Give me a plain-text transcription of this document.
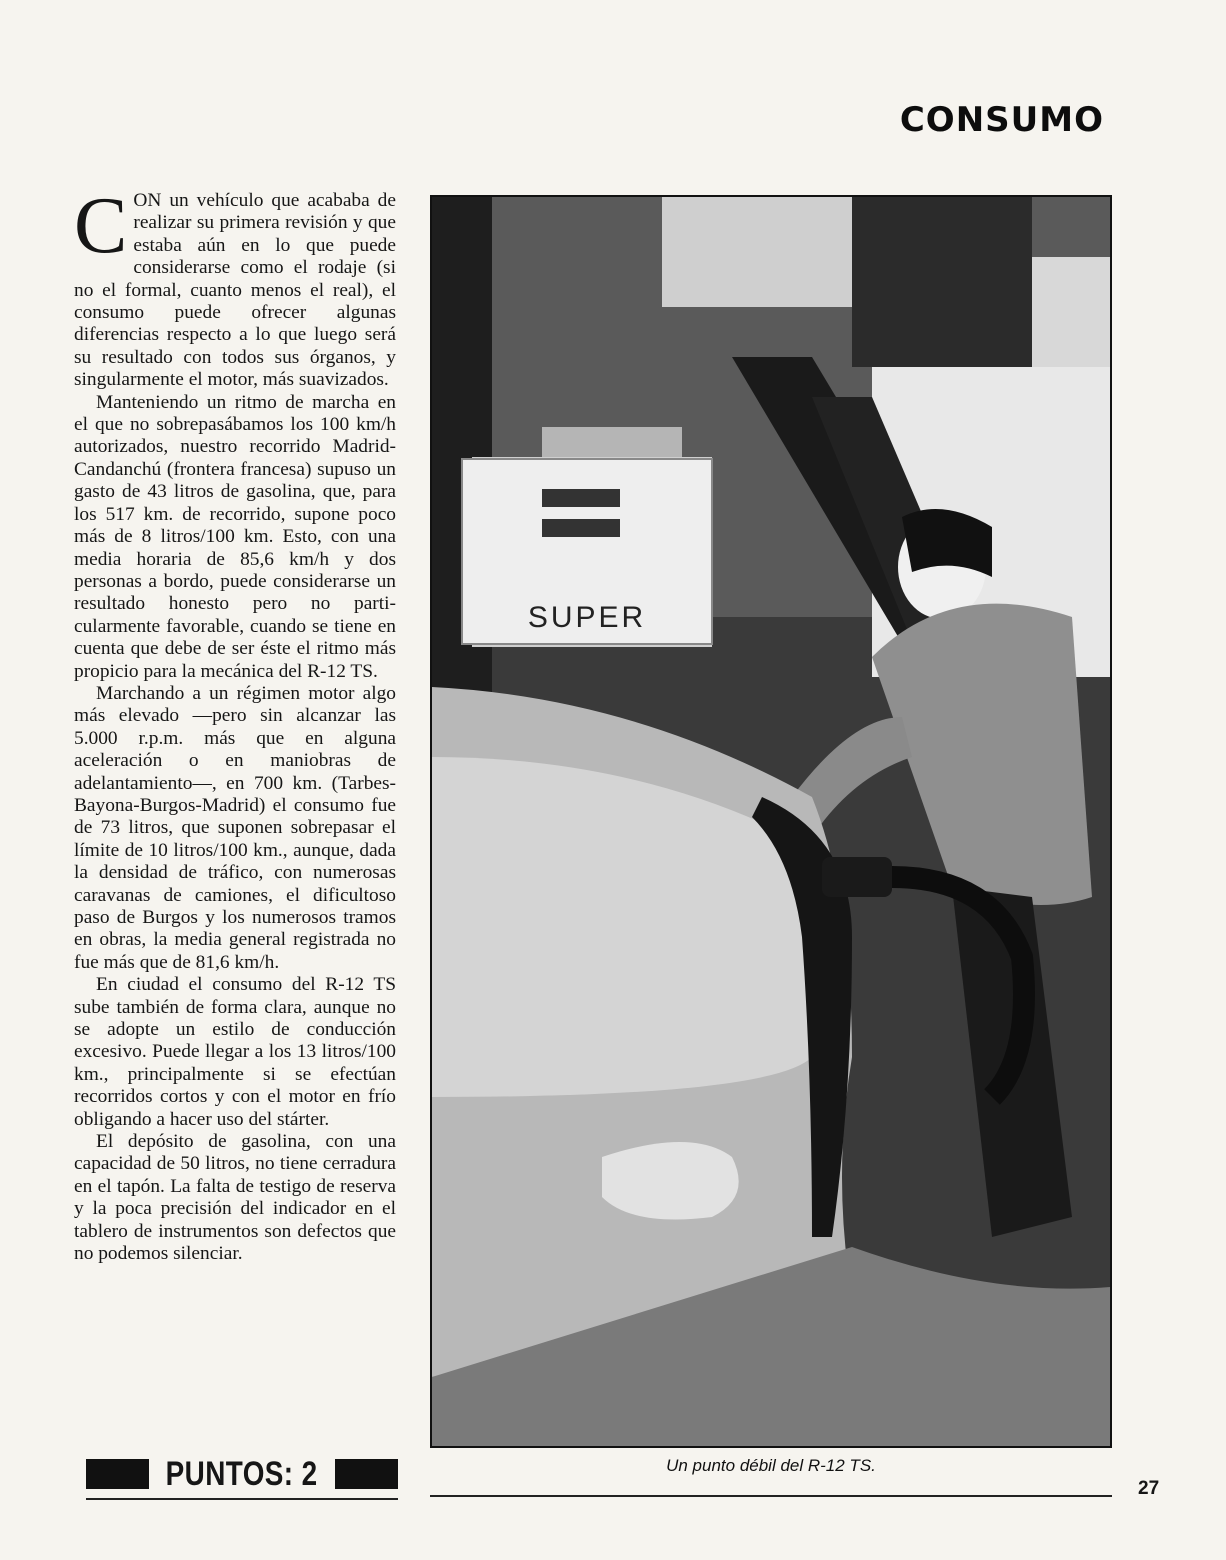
CONSUMO

CON un vehículo que acababa de realizar su primera revisión y que estaba aún en lo que puede considerarse como el rodaje (si no el formal, cuanto menos el real), el consumo puede ofrecer algunas diferencias respecto a lo que luego será su resultado con todos sus órganos, y singularmente el motor, más suavizados.

Manteniendo un ritmo de marcha en el que no sobrepasábamos los 100 km/h autorizados, nuestro recorrido Madrid-Candanchú (frontera francesa) supuso un gasto de 43 litros de gasolina, que, para los 517 km. de recorrido, supone poco más de 8 litros/100 km. Esto, con una media horaria de 85,6 km/h y dos personas a bordo, puede considerarse un resultado honesto pero no particularmente favorable, cuando se tiene en cuenta que debe de ser éste el ritmo más propicio para la mecánica del R-12 TS.

Marchando a un régimen motor algo más elevado —pero sin alcanzar las 5.000 r.p.m. más que en alguna aceleración o en maniobras de adelantamiento—, en 700 km. (Tarbes-Bayona-Burgos-Madrid) el consumo fue de 73 litros, que suponen sobrepasar el límite de 10 litros/100 km., aunque, dada la densidad de tráfico, con numerosas caravanas de camiones, el dificultoso paso de Burgos y los numerosos tramos en obras, la media general registrada no fue más que de 81,6 km/h.

En ciudad el consumo del R-12 TS sube también de forma clara, aunque no se adopte un estilo de conducción excesivo. Puede llegar a los 13 litros/100 km., principalmente si se efectúan recorridos cortos y con el motor en frío obligando a hacer uso del stárter.

El depósito de gasolina, con una capacidad de 50 litros, no tiene cerradura en el tapón. La falta de testigo de reserva y la poca precisión del indicador en el tablero de instrumentos son defectos que no podemos silenciar.

PUNTOS: 2
SUPER
Un punto débil del R-12 TS.
27
